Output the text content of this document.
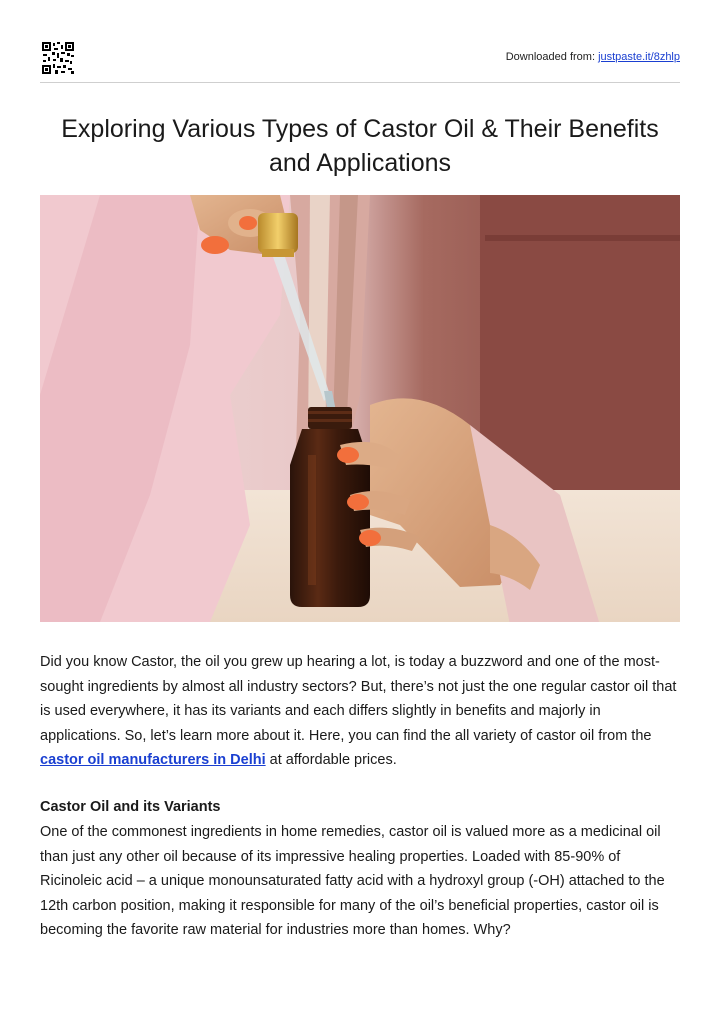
Downloaded from: justpaste.it/8zhlp
Exploring Various Types of Castor Oil & Their Benefits and Applications

Did you know Castor, the oil you grew up hearing a lot, is today a buzzword and one of the most-sought ingredients by almost all industry sectors? But, there’s not just the one regular castor oil that is used everywhere, it has its variants and each differs slightly in benefits and majorly in applications. So, let’s learn more about it. Here, you can find the all variety of castor oil from the castor oil manufacturers in Delhi at affordable prices.

Castor Oil and its Variants

One of the commonest ingredients in home remedies, castor oil is valued more as a medicinal oil than just any other oil because of its impressive healing properties. Loaded with 85-90% of Ricinoleic acid – a unique monounsaturated fatty acid with a hydroxyl group (-OH) attached to the 12th carbon position, making it responsible for many of the oil’s beneficial properties, castor oil is becoming the favorite raw material for industries more than homes. Why?
